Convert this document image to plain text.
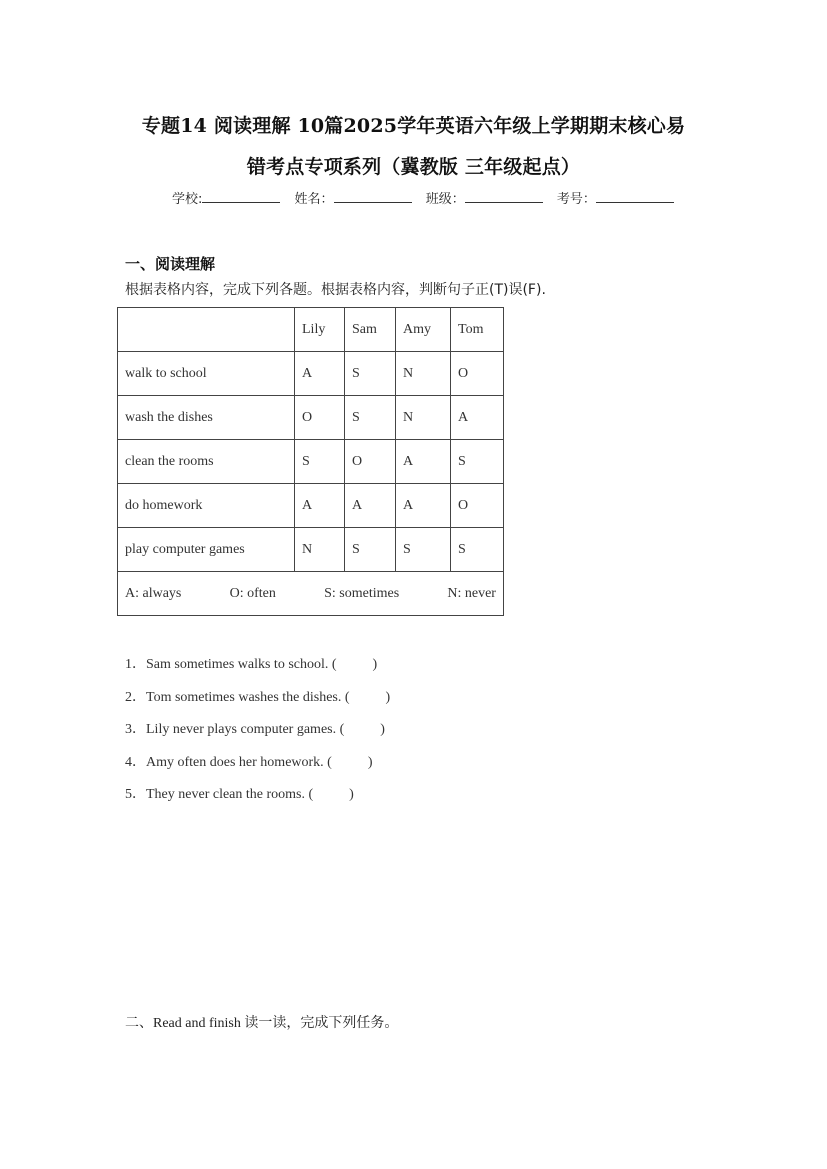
专题14 阅读理解 10篇2025学年英语六年级上学期期末核心易
错考点专项系列（冀教版 三年级起点）
学校:	姓名：	班级：	考号：
一、阅读理解
根据表格内容，完成下列各题。根据表格内容，判断句子正(T)误(F).
	Lily	Sam	Amy	Tom
walk to school	A	S	N	O
wash the dishes	O	S	N	A
clean the rooms	S	O	A	S
do homework	A	A	A	O
play computer games	N	S	S	S

A: always O: often S: sometimes N: never				
1．Sam sometimes walks to school. (	)
2．Tom sometimes washes the dishes. (	)
3．Lily never plays computer games. (	)
4．Amy often does her homework. (	)
5．They never clean the rooms. (	)
二、Read and finish 读一读，完成下列任务。
